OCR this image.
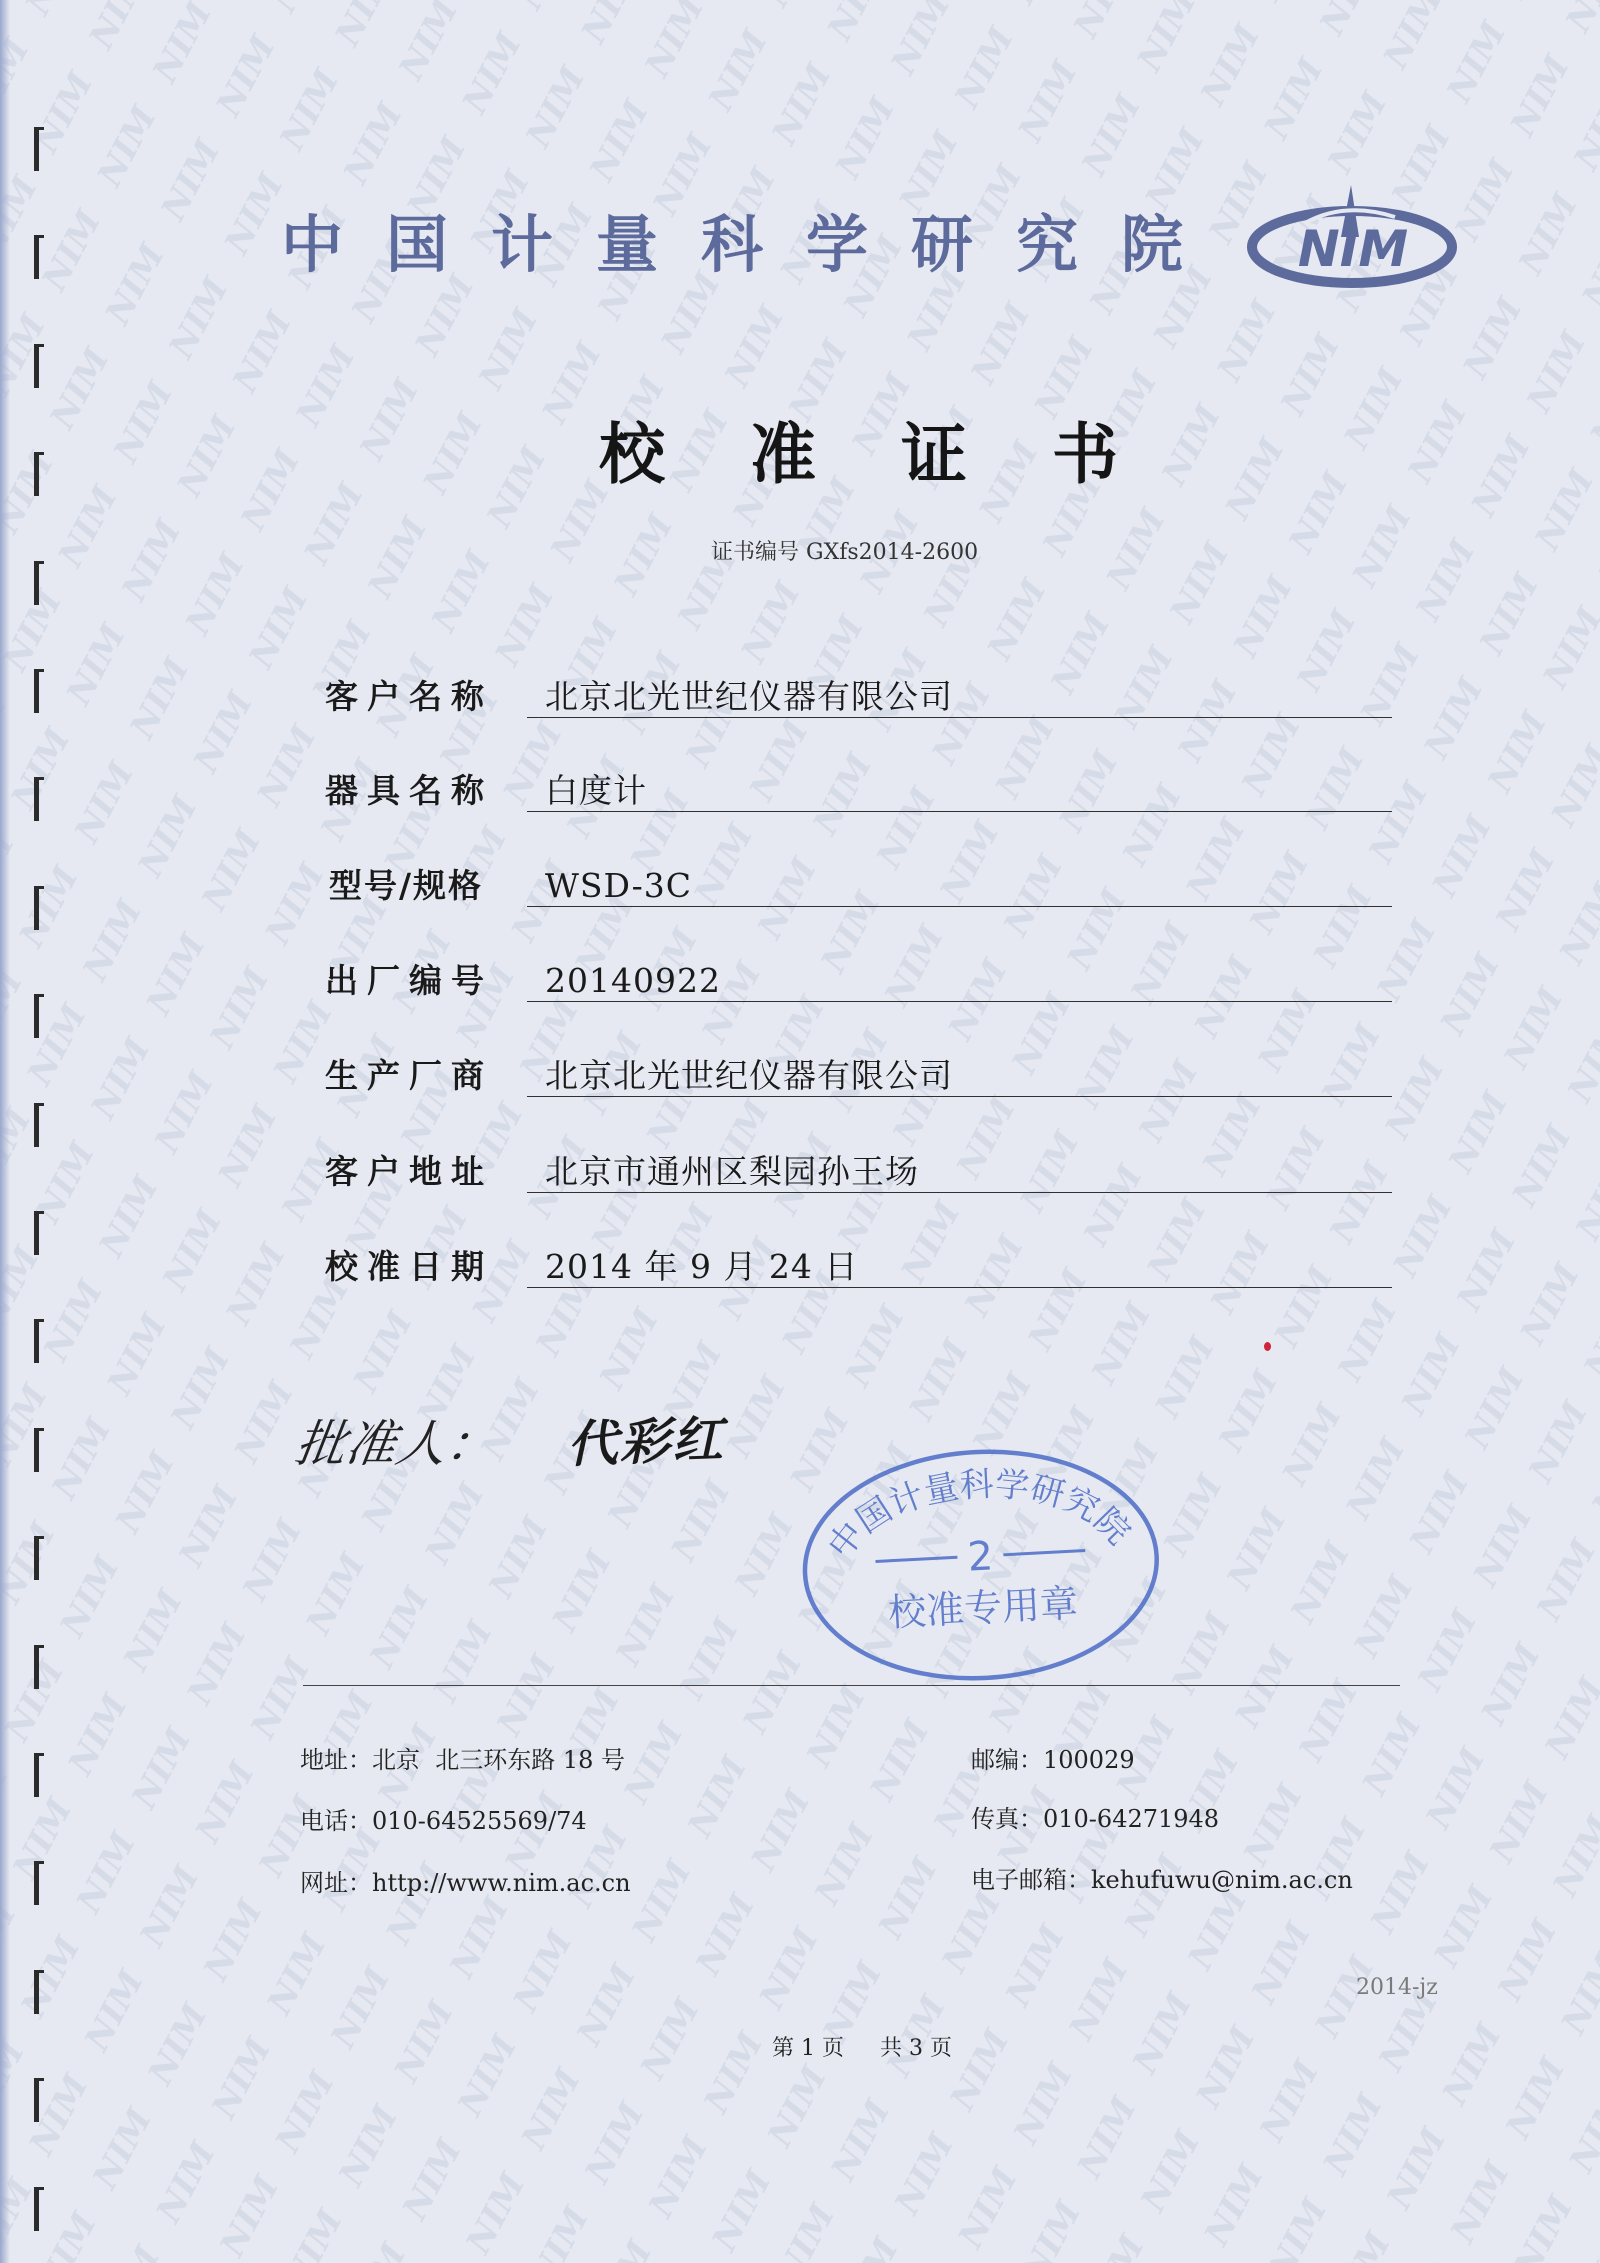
中国计量科学研究院 NIM
校准证书
证书编号 GXfs2014-2600
客户名称 北京北光世纪仪器有限公司
器具名称 白度计
型号/规格 WSD-3C
出厂编号 20140922
生产厂商 北京北光世纪仪器有限公司
客户地址 北京市通州区梨园孙王场
校准日期 2014 年 9 月 24 日
批准人： 代彩红
中国计量科学研究院
2
校准专用章
地址：北京  北三环东路 18 号	邮编：100029
电话：010-64525569/74	传真：010-64271948
网址：http://www.nim.ac.cn	电子邮箱：kehufuwu@nim.ac.cn
2014-jz
第 1 页 共 3 页
